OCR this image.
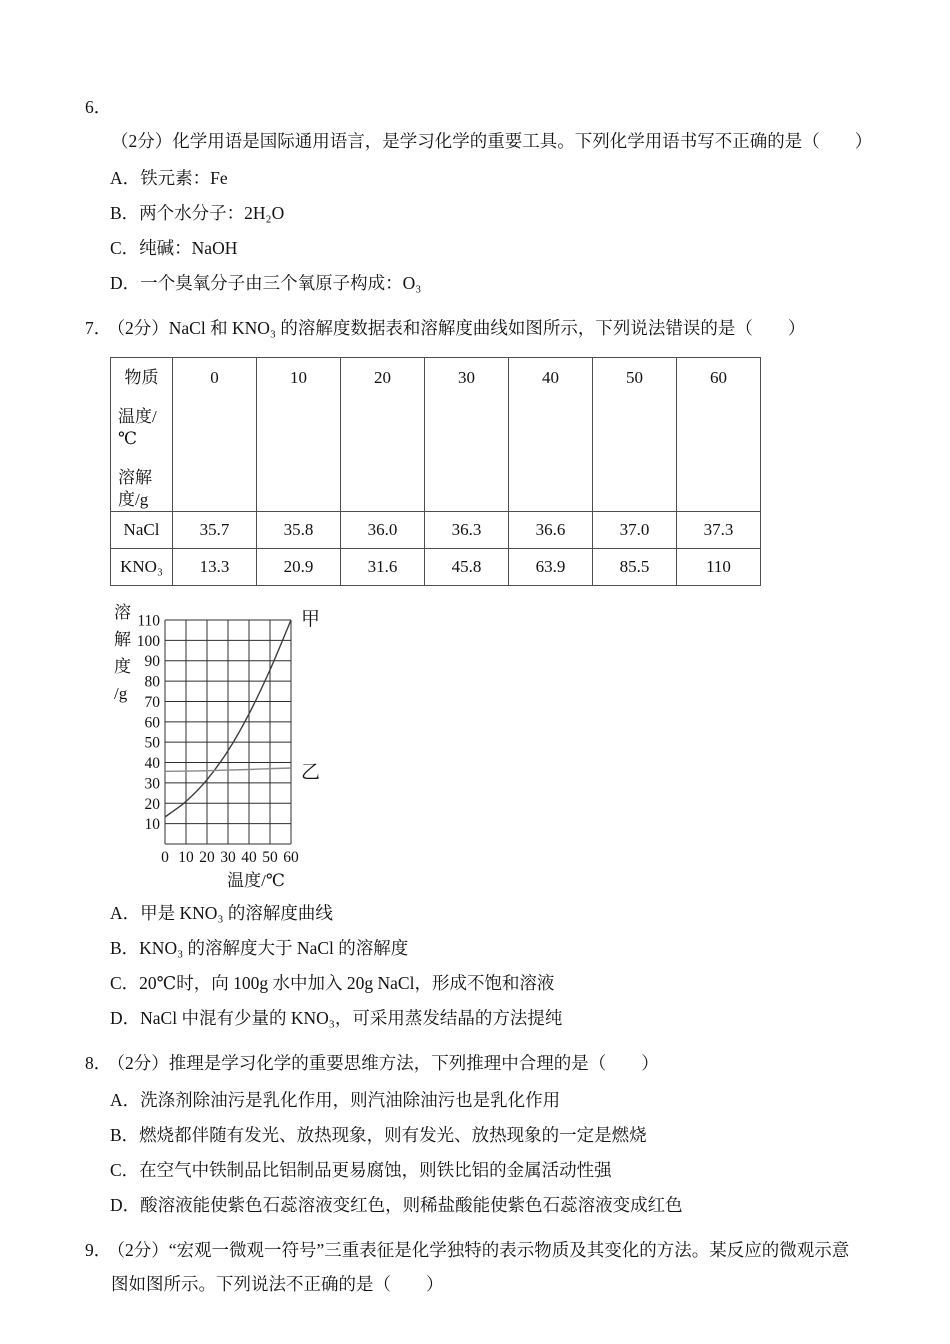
6．（2分）化学用语是国际通用语言，是学习化学的重要工具。下列化学用语书写不正确的是（　　）

A．铁元素：Fe
B．两个水分子：2H₂O
C．纯碱：NaOH
D．一个臭氧分子由三个氧原子构成：O₃

7． （2分）NaCl 和 KNO₃ 的溶解度数据表和溶解度曲线如图所示，下列说法错误的是（　　）

物质
温度/℃
溶解度/g	0	10	20	30	40	50	60
NaCl	35.7	35.8	36.0	36.3	36.6	37.0	37.3
KNO₃	13.3	20.9	31.6	45.8	63.9	85.5	110
溶
解
度
/g
10
20
30
40
50
60
70
80
90
100
110
0 10 20 30 40 50 60
温度/℃
甲
乙
A．甲是 KNO₃ 的溶解度曲线
B．KNO₃ 的溶解度大于 NaCl 的溶解度
C．20℃时，向 100g 水中加入 20g NaCl，形成不饱和溶液
D．NaCl 中混有少量的 KNO₃，可采用蒸发结晶的方法提纯

8． （2分）推理是学习化学的重要思维方法，下列推理中合理的是（　　）

A．洗涤剂除油污是乳化作用，则汽油除油污也是乳化作用
B．燃烧都伴随有发光、放热现象，则有发光、放热现象的一定是燃烧
C．在空气中铁制品比铝制品更易腐蚀，则铁比铝的金属活动性强
D．酸溶液能使紫色石蕊溶液变红色，则稀盐酸能使紫色石蕊溶液变成红色

9． （2分）“宏观一微观一符号”三重表征是化学独特的表示物质及其变化的方法。某反应的微观示意图如图所示。下列说法不正确的是（　　）
